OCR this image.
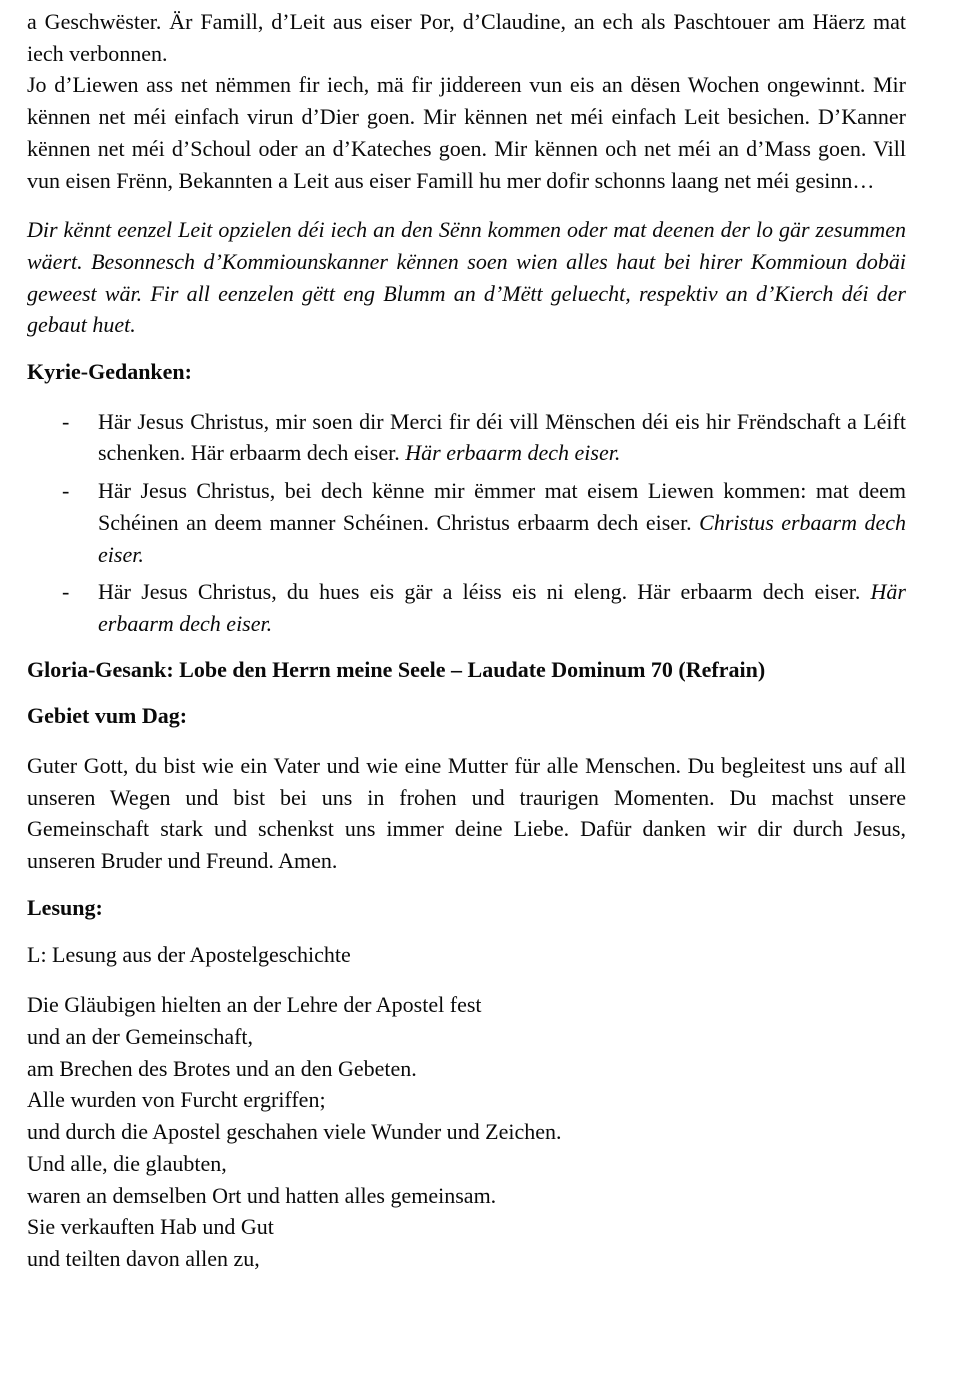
a Geschwëster. Är Famill, d’Leit aus eiser Por, d’Claudine, an ech als Paschtouer am Häerz mat iech verbonnen.

Jo d’Liewen ass net nëmmen fir iech, mä fir jiddereen vun eis an dësen Wochen ongewinnt. Mir kënnen net méi einfach virun d’Dier goen. Mir kënnen net méi einfach Leit besichen. D’Kanner kënnen net méi d’Schoul oder an d’Kateches goen. Mir kënnen och net méi an d’Mass goen. Vill vun eisen Frënn, Bekannten a Leit aus eiser Famill hu mer dofir schonns laang net méi gesinn…

Dir kënnt eenzel Leit opzielen déi iech an den Sënn kommen oder mat deenen der lo gär zesummen wäert. Besonnesch d’Kommiounskanner kënnen soen wien alles haut bei hirer Kommioun dobäi geweest wär. Fir all eenzelen gëtt eng Blumm an d’Mëtt geluecht, respektiv an d’Kierch déi der gebaut huet.

Kyrie-Gedanken:

- Här Jesus Christus, mir soen dir Merci fir déi vill Mënschen déi eis hir Frëndschaft a Léift schenken. Här erbaarm dech eiser. Här erbaarm dech eiser.
- Här Jesus Christus, bei dech kënne mir ëmmer mat eisem Liewen kommen: mat deem Schéinen an deem manner Schéinen. Christus erbaarm dech eiser. Christus erbaarm dech eiser.
- Här Jesus Christus, du hues eis gär a léiss eis ni eleng. Här erbaarm dech eiser. Här erbaarm dech eiser.

Gloria-Gesank: Lobe den Herrn meine Seele – Laudate Dominum 70 (Refrain)

Gebiet vum Dag:

Guter Gott, du bist wie ein Vater und wie eine Mutter für alle Menschen. Du begleitest uns auf all unseren Wegen und bist bei uns in frohen und traurigen Momenten. Du machst unsere Gemeinschaft stark und schenkst uns immer deine Liebe. Dafür danken wir dir durch Jesus, unseren Bruder und Freund. Amen.

Lesung:

L: Lesung aus der Apostelgeschichte

Die Gläubigen hielten an der Lehre der Apostel fest

und an der Gemeinschaft,

am Brechen des Brotes und an den Gebeten.

Alle wurden von Furcht ergriffen;

und durch die Apostel geschahen viele Wunder und Zeichen.

Und alle, die glaubten,

waren an demselben Ort und hatten alles gemeinsam.

Sie verkauften Hab und Gut

und teilten davon allen zu,
